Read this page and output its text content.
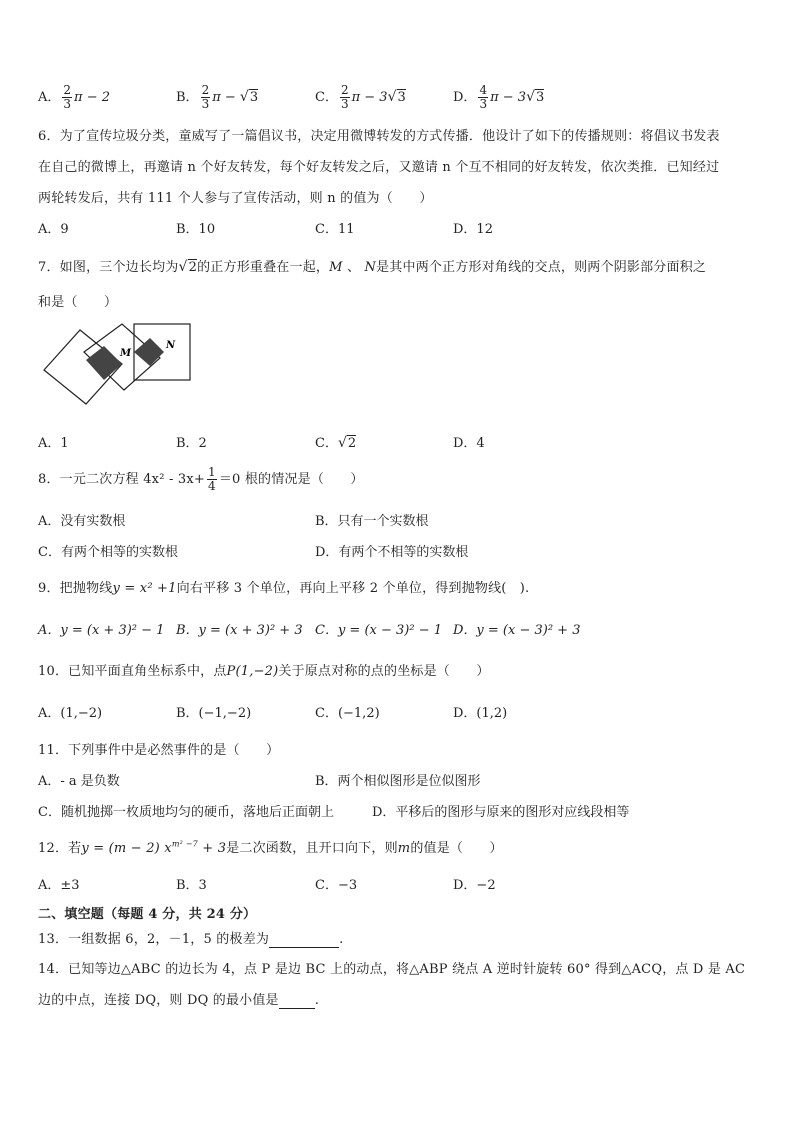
A． $\frac{2}{3}$ π − 2	B． $\frac{2}{3}$ π − √3	C． $\frac{2}{3}$ π − 3√3	D． $\frac{4}{3}$ π − 3√3
6．为了宣传垃圾分类，童威写了一篇倡议书，决定用微博转发的方式传播．他设计了如下的传播规则：将倡议书发表
在自己的微博上，再邀请 n 个好友转发，每个好友转发之后，又邀请 n 个互不相同的好友转发，依次类推．已知经过
两轮转发后，共有 111 个人参与了宣传活动，则 n 的值为（　　）
A．9	B．10	C．11	D．12
7．如图，三个边长均为√2的正方形重叠在一起，M 、 N是其中两个正方形对角线的交点，则两个阴影部分面积之
和是（　　）
M
N
A．1	B．2	C．√2	D．4
8．一元二次方程 $4x^2 - 3x+ \frac{1}{4} =0$ 根的情况是（　　）
A．没有实数根	B．只有一个实数根
C．有两个相等的实数根	D．有两个不相等的实数根
9．把抛物线y = x² +1向右平移 3 个单位，再向上平移 2 个单位，得到抛物线(　).
A．y = (x + 3)² − 1 B．y = (x + 3)² + 3 C．y = (x − 3)² − 1 D．y = (x − 3)² + 3
10．已知平面直角坐标系中，点P(1,−2)关于原点对称的点的坐标是（　　）
A．(1,−2)	B．(−1,−2)	C．(−1,2)	D．(1,2)
11．下列事件中是必然事件的是（　　）
A．- a 是负数	B．两个相似图形是位似图形
C．随机抛掷一枚质地均匀的硬币，落地后正面朝上	D．平移后的图形与原来的图形对应线段相等
12．若y = (m − 2) $x^{m^2 -7} + 3$是二次函数，且开口向下，则m的值是（　　）
A．±3	B．3	C．−3	D．−2
二、填空题（每题 4 分，共 24 分）
13．一组数据 6，2，－1，5 的极差为	.
14．已知等边△ABC 的边长为 4，点 P 是边 BC 上的动点，将△ABP 绕点 A 逆时针旋转 60° 得到△ACQ，点 D 是 AC
边的中点，连接 DQ，则 DQ 的最小值是	.
